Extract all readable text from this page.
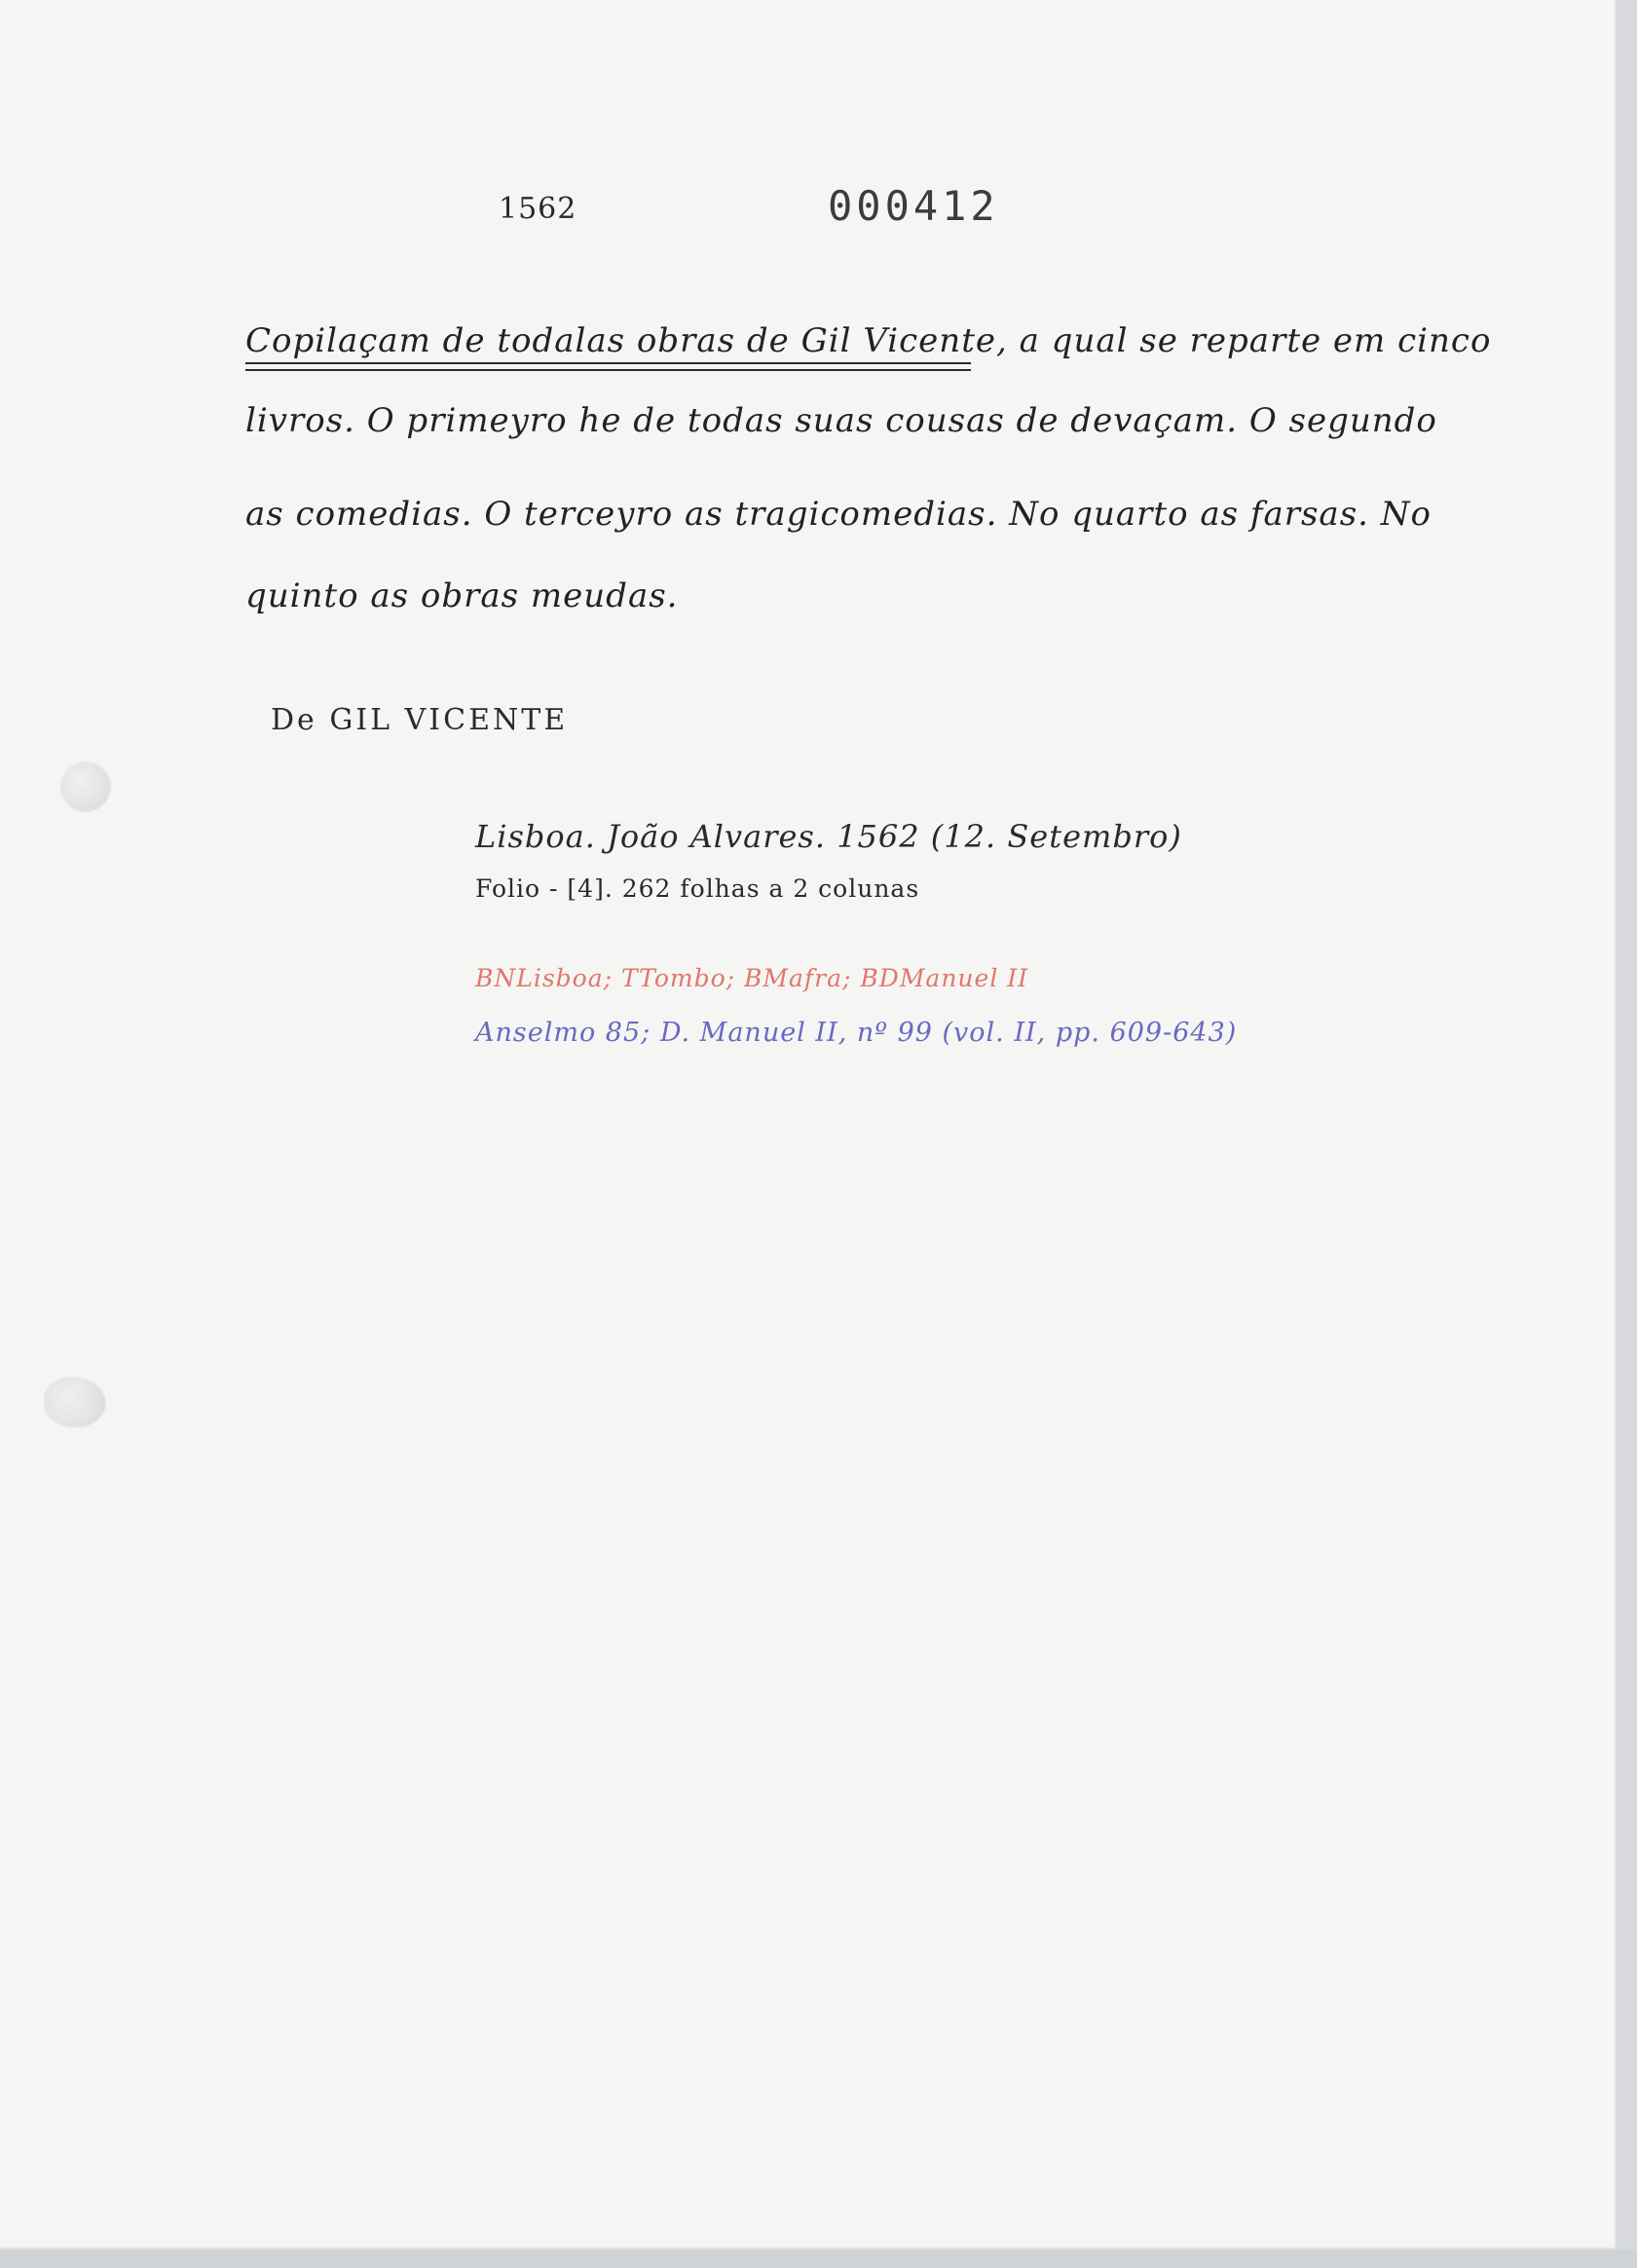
1562	000412
Copilaçam de todalas obras de Gil Vicente, a qual se reparte em cinco
livros. O primeyro he de todas suas cousas de devaçam. O segundo
as comedias. O terceyro as tragicomedias. No quarto as farsas. No
quinto as obras meudas.
De GIL VICENTE
Lisboa. João Alvares. 1562 (12. Setembro)
Folio - [4]. 262 folhas a 2 colunas
BNLisboa; TTombo; BMafra; BDManuel II
Anselmo 85; D. Manuel II, nº 99 (vol. II, pp. 609-643)
